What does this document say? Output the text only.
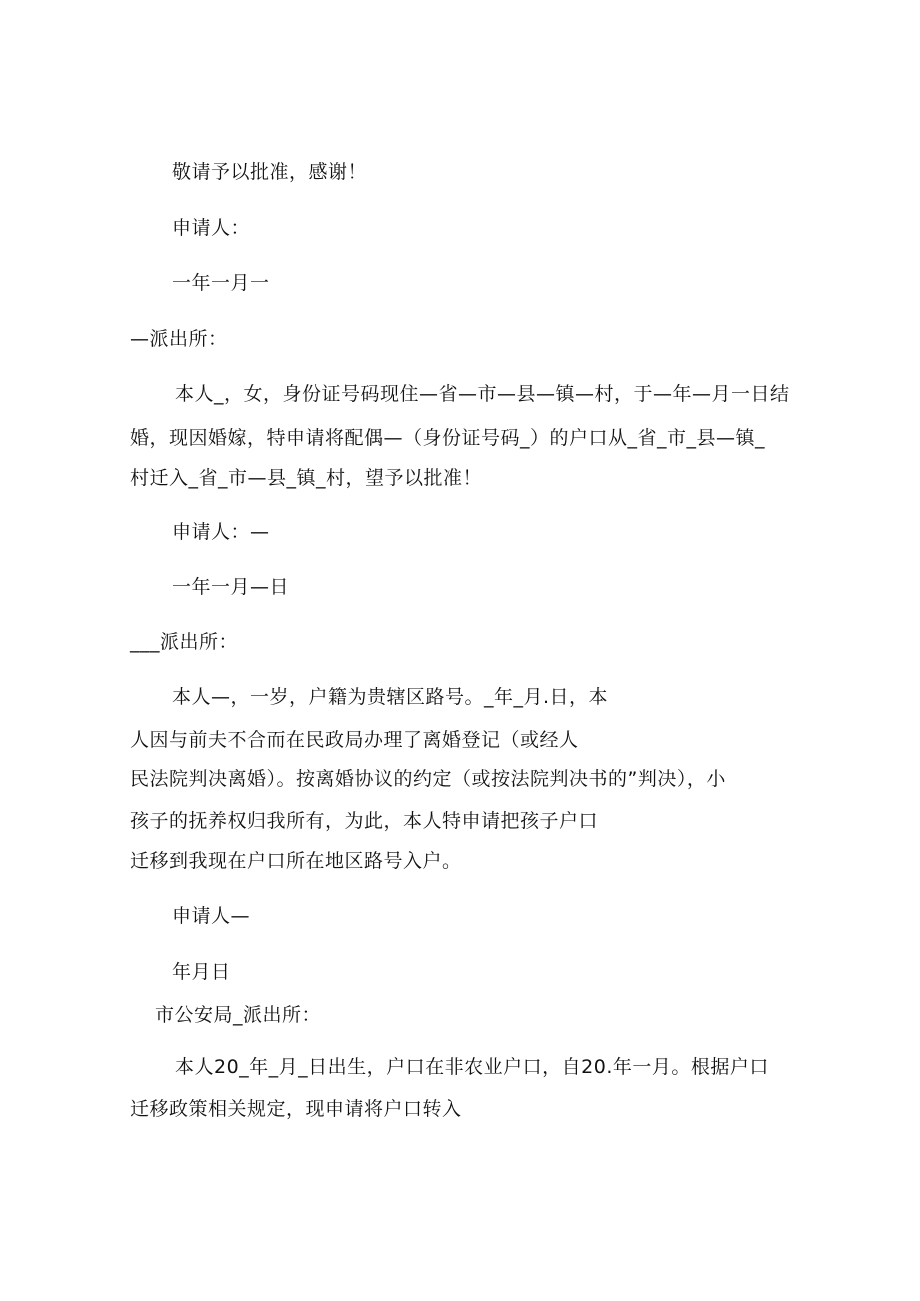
敬请予以批准，感谢！
申请人：
一年一月一
—派出所：
本人_，女，身份证号码现住—省—市—县—镇—村，于—年—月一日结
婚，现因婚嫁，特申请将配偶—（身份证号码_）的户口从_省_市_县—镇_
村迁入_省_市—县_镇_村，望予以批准！
申请人：—
一年一月—日
___派出所：
本人—，一岁，户籍为贵辖区路号。_年_月.日，本
人因与前夫不合而在民政局办理了离婚登记（或经人
民法院判决离婚）。按离婚协议的约定（或按法院判决书的”判决），小
孩子的抚养权归我所有，为此，本人特申请把孩子户口
迁移到我现在户口所在地区路号入户。
申请人—
年月日
市公安局_派出所：
本人20_年_月_日出生，户口在非农业户口，自20.年一月。根据户口
迁移政策相关规定，现申请将户口转入
